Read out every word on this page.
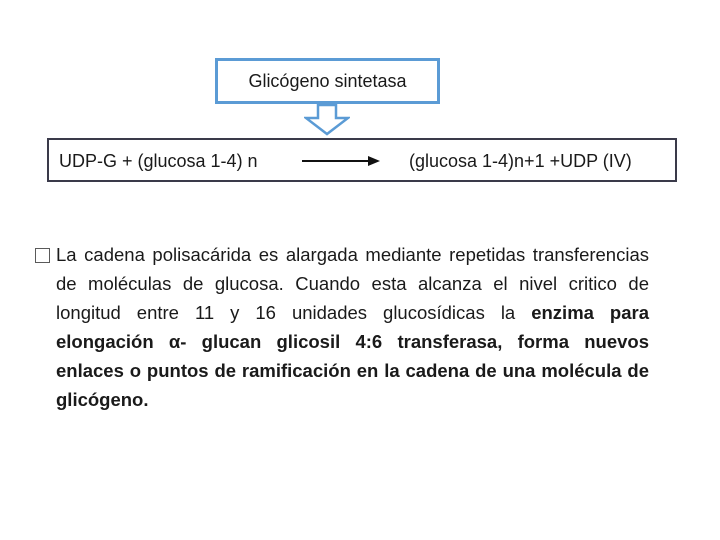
Glicógeno sintetasa
UDP-G + (glucosa 1-4) n	(glucosa 1-4)n+1 +UDP (IV)

La cadena polisacárida es alargada mediante repetidas transferencias de moléculas de glucosa. Cuando esta alcanza el nivel critico de longitud entre 11 y 16 unidades glucosídicas la enzima para elongación α- glucan glicosil 4:6 transferasa, forma nuevos enlaces o puntos de ramificación en la cadena de una molécula de glicógeno.
